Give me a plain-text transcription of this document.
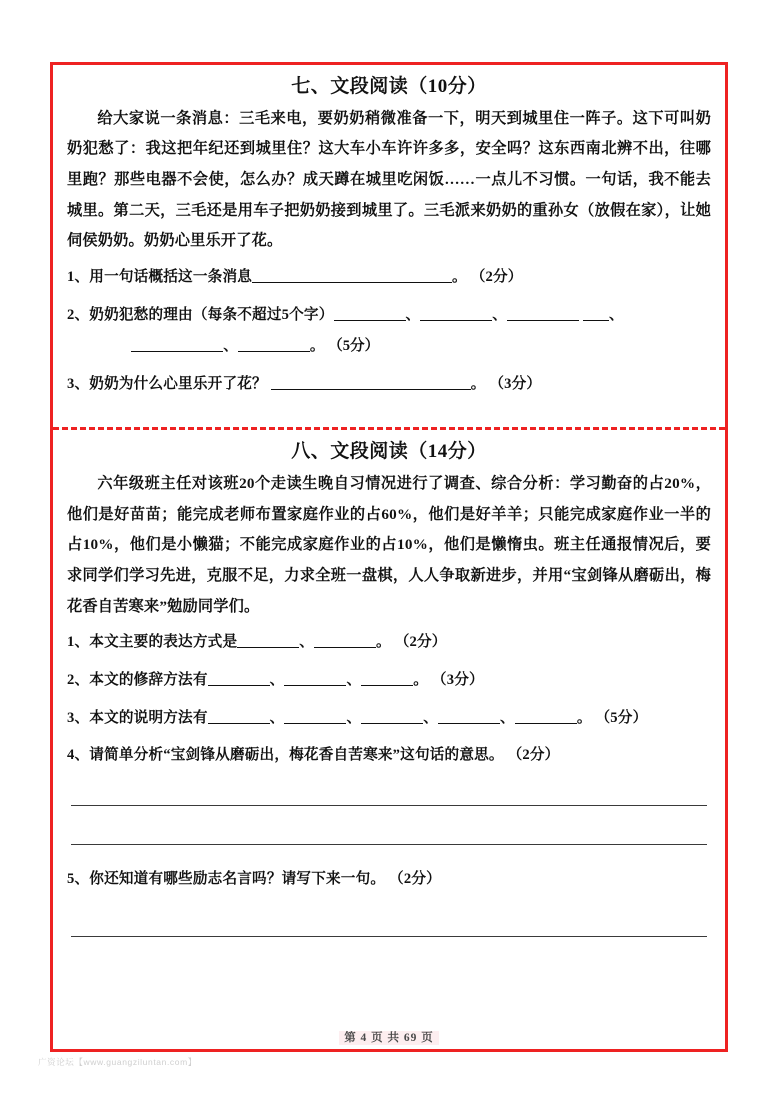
七、文段阅读（10分）

给大家说一条消息：三毛来电，要奶奶稍微准备一下，明天到城里住一阵子。这下可叫奶奶犯愁了：我这把年纪还到城里住？这大车小车许许多多，安全吗？这东西南北辨不出，往哪里跑？那些电器不会使，怎么办？成天蹲在城里吃闲饭……一点儿不习惯。一句话，我不能去城里。第二天，三毛还是用车子把奶奶接到城里了。三毛派来奶奶的重孙女（放假在家），让她伺侯奶奶。奶奶心里乐开了花。

1、用一句话概括这一条消息	。 （2分）
2、奶奶犯愁的理由（每条不超过5个字）	、	、	、
、	。 （5分）
3、奶奶为什么心里乐开了花？	。 （3分）
八、文段阅读（14分）

六年级班主任对该班20个走读生晚自习情况进行了调查、综合分析：学习勤奋的占20%，他们是好苗苗；能完成老师布置家庭作业的占60%，他们是好羊羊；只能完成家庭作业一半的占10%，他们是小懒猫；不能完成家庭作业的占10%，他们是懒惰虫。班主任通报情况后，要求同学们学习先进，克服不足，力求全班一盘棋，人人争取新进步，并用“宝剑锋从磨砺出，梅花香自苦寒来”勉励同学们。

1、本文主要的表达方式是	、	。 （2分）
2、本文的修辞方法有	、	、	。 （3分）
3、本文的说明方法有	、	、	、	、	。 （5分）
4、请简单分析“宝剑锋从磨砺出，梅花香自苦寒来”这句话的意思。 （2分）
5、你还知道有哪些励志名言吗？请写下来一句。 （2分）
第 4 页 共 69 页
广资论坛【www.guangziluntan.com】
